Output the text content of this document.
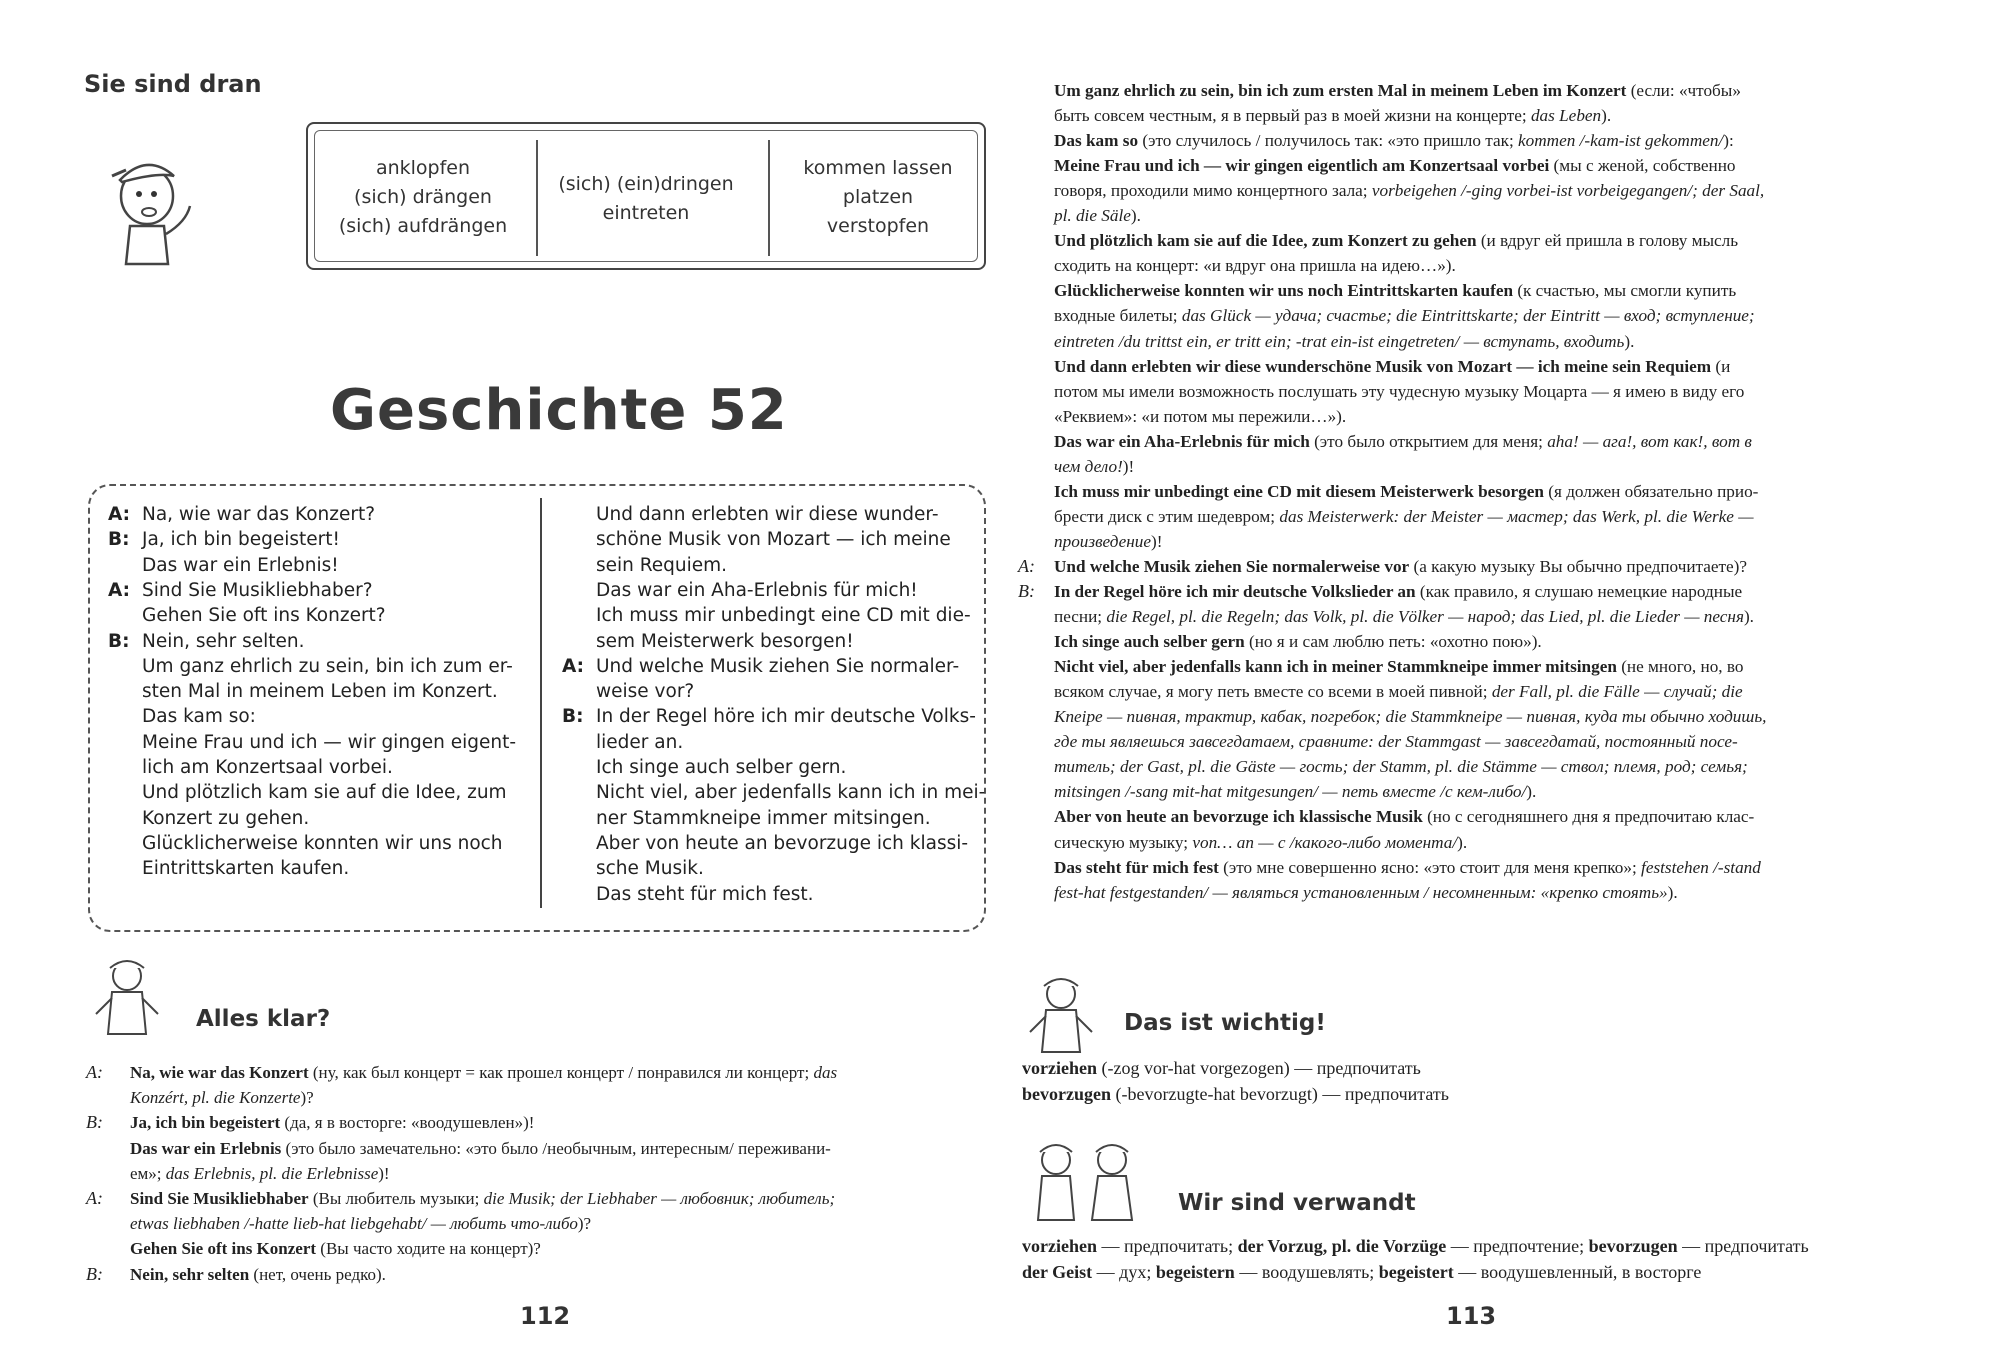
Sie sind dran
anklopfen
(sich) drängen
(sich) aufdrängen
(sich) (ein)dringen
eintreten
kommen lassen
platzen
verstopfen
Geschichte 52
A: Na, wie war das Konzert?
B: Ja, ich bin begeistert!
Das war ein Erlebnis!
A: Sind Sie Musikliebhaber?
Gehen Sie oft ins Konzert?
B: Nein, sehr selten.
Um ganz ehrlich zu sein, bin ich zum er-
sten Mal in meinem Leben im Konzert.
Das kam so:
Meine Frau und ich — wir gingen eigent-
lich am Konzertsaal vorbei.
Und plötzlich kam sie auf die Idee, zum
Konzert zu gehen.
Glücklicherweise konnten wir uns noch
Eintrittskarten kaufen.
Und dann erlebten wir diese wunder-
schöne Musik von Mozart — ich meine
sein Requiem.
Das war ein Aha-Erlebnis für mich!
Ich muss mir unbedingt eine CD mit die-
sem Meisterwerk besorgen!
A: Und welche Musik ziehen Sie normaler-
weise vor?
B: In der Regel höre ich mir deutsche Volks-
lieder an.
Ich singe auch selber gern.
Nicht viel, aber jedenfalls kann ich in mei-
ner Stammkneipe immer mitsingen.
Aber von heute an bevorzuge ich klassi-
sche Musik.
Das steht für mich fest.
Alles klar?
A: Na, wie war das Konzert (ну, как был концерт = как прошел концерт / понравился ли концерт; das
Konzért, pl. die Konzerte)?
B: Ja, ich bin begeistert (да, я в восторге: «воодушевлен»)!
Das war ein Erlebnis (это было замечательно: «это было /необычным, интересным/ переживани-
ем»; das Erlebnis, pl. die Erlebnisse)!
A: Sind Sie Musikliebhaber (Вы любитель музыки; die Musik; der Liebhaber — любовник; любитель;
etwas liebhaben /-hatte lieb-hat liebgehabt/ — любить что-либо)?
Gehen Sie oft ins Konzert (Вы часто ходите на концерт)?
B: Nein, sehr selten (нет, очень редко).
112
Um ganz ehrlich zu sein, bin ich zum ersten Mal in meinem Leben im Konzert (если: «чтобы»
быть совсем честным, я в первый раз в моей жизни на концерте; das Leben).
Das kam so (это случилось / получилось так: «это пришло так; kommen /-kam-ist gekommen/):
Meine Frau und ich — wir gingen eigentlich am Konzertsaal vorbei (мы с женой, собственно
говоря, проходили мимо концертного зала; vorbeigehen /-ging vorbei-ist vorbeigegangen/; der Saal,
pl. die Säle).
Und plötzlich kam sie auf die Idee, zum Konzert zu gehen (и вдруг ей пришла в голову мысль
сходить на концерт: «и вдруг она пришла на идею…»).
Glücklicherweise konnten wir uns noch Eintrittskarten kaufen (к счастью, мы смогли купить
входные билеты; das Glück — удача; счастье; die Eintrittskarte; der Eintritt — вход; вступление;
eintreten /du trittst ein, er tritt ein; -trat ein-ist eingetreten/ — вступать, входить).
Und dann erlebten wir diese wunderschöne Musik von Mozart — ich meine sein Requiem (и
потом мы имели возможность послушать эту чудесную музыку Моцарта — я имею в виду его
«Реквием»: «и потом мы пережили…»).
Das war ein Aha-Erlebnis für mich (это было открытием для меня; aha! — ага!, вот как!, вот в
чем дело!)!
Ich muss mir unbedingt eine CD mit diesem Meisterwerk besorgen (я должен обязательно прио-
брести диск с этим шедевром; das Meisterwerk: der Meister — мастер; das Werk, pl. die Werke —
произведение)!
A: Und welche Musik ziehen Sie normalerweise vor (а какую музыку Вы обычно предпочитаете)?
B: In der Regel höre ich mir deutsche Volkslieder an (как правило, я слушаю немецкие народные
песни; die Regel, pl. die Regeln; das Volk, pl. die Völker — народ; das Lied, pl. die Lieder — песня).
Ich singe auch selber gern (но я и сам люблю петь: «охотно пою»).
Nicht viel, aber jedenfalls kann ich in meiner Stammkneipe immer mitsingen (не много, но, во
всяком случае, я могу петь вместе со всеми в моей пивной; der Fall, pl. die Fälle — случай; die
Kneipe — пивная, трактир, кабак, погребок; die Stammkneipe — пивная, куда ты обычно ходишь,
где ты являешься завсегдатаем, сравните: der Stammgast — завсегдатай, постоянный посе-
титель; der Gast, pl. die Gäste — гость; der Stamm, pl. die Stämme — ствол; племя, род; семья;
mitsingen /-sang mit-hat mitgesungen/ — петь вместе /с кем-либо/).
Aber von heute an bevorzuge ich klassische Musik (но с сегодняшнего дня я предпочитаю клас-
сическую музыку; von… an — с /какого-либо момента/).
Das steht für mich fest (это мне совершенно ясно: «это стоит для меня крепко»; feststehen /-stand
fest-hat festgestanden/ — являться установленным / несомненным: «крепко стоять»).
Das ist wichtig!
vorziehen (-zog vor-hat vorgezogen) — предпочитать
bevorzugen (-bevorzugte-hat bevorzugt) — предпочитать
Wir sind verwandt
vorziehen — предпочитать; der Vorzug, pl. die Vorzüge — предпочтение; bevorzugen — предпочитать
der Geist — дух; begeistern — воодушевлять; begeistert — воодушевленный, в восторге
113
